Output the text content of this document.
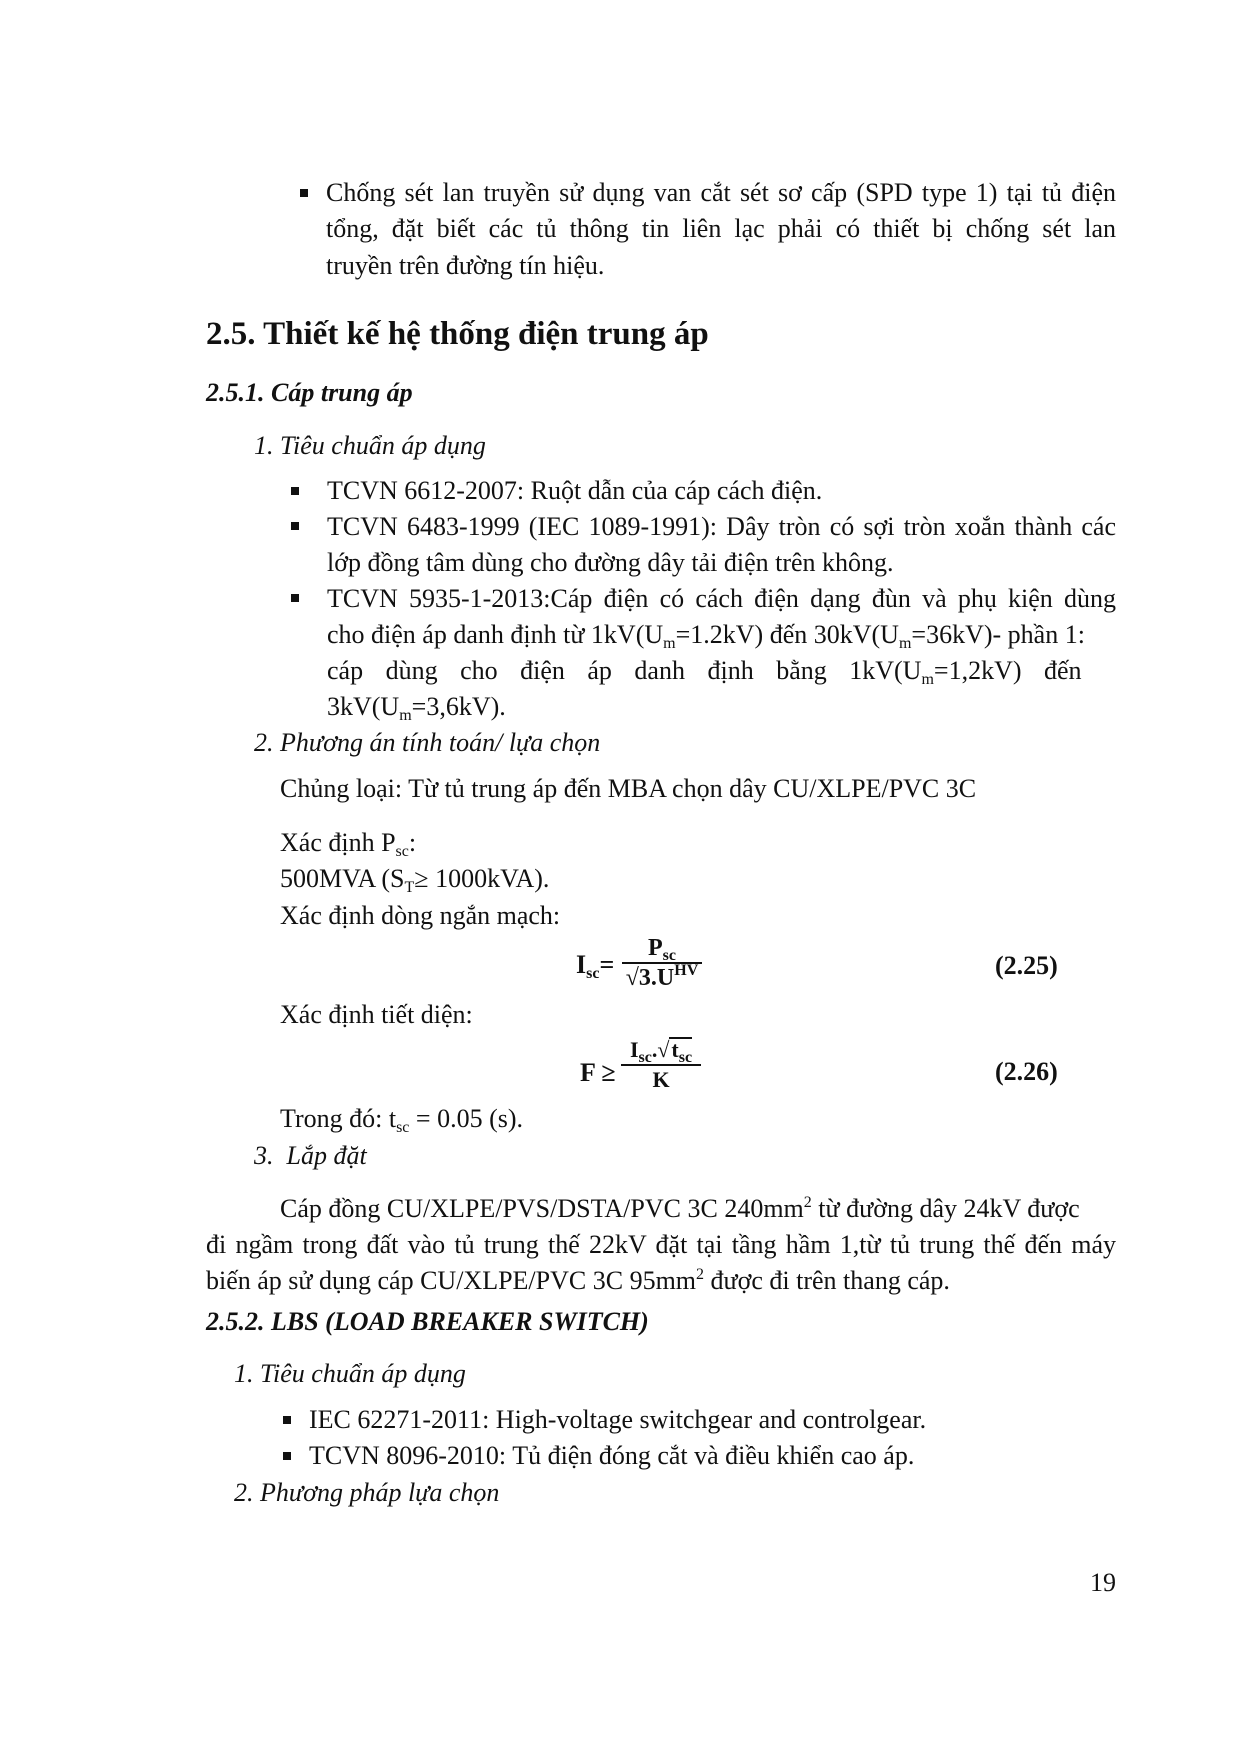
Chống sét lan truyền sử dụng van cắt sét sơ cấp (SPD type 1) tại tủ điện
tổng, đặt biết các tủ thông tin liên lạc phải có thiết bị chống sét lan
truyền trên đường tín hiệu.
2.5. Thiết kế hệ thống điện trung áp
2.5.1. Cáp trung áp
1. Tiêu chuẩn áp dụng
TCVN 6612-2007: Ruột dẫn của cáp cách điện.
TCVN 6483-1999 (IEC 1089-1991): Dây tròn có sợi tròn xoắn thành các
lớp đồng tâm dùng cho đường dây tải điện trên không.
TCVN 5935-1-2013:Cáp điện có cách điện dạng đùn và phụ kiện dùng
cho điện áp danh định từ $1kV(U_m=1.2kV)$ đến $30kV(U_m=36kV)-$ phần 1:
cáp dùng cho điện áp danh định bằng $1kV(U_m=1,2kV)$ đến
$3kV(U_m=3,6kV)$.
2. Phương án tính toán/ lựa chọn
Chủng loại: Từ tủ trung áp đến MBA chọn dây CU/XLPE/PVC 3C
Xác định $P_{sc}$:
500MVA $(S_T\ge 1000kVA)$.
Xác định dòng ngắn mạch:
$I_{sc}=$
$P_{sc}$
$√3.U^{HV}$	(2.25)
Xác định tiết diện:
F ≥
$I_{sc}.√t_{sc}$
K	(2.26)
Trong đó: $t_{sc} = 0.05$ (s).
3.  Lắp đặt
Cáp đồng CU/XLPE/PVS/DSTA/PVC 3C $240mm^2$ từ đường dây 24kV được
đi ngầm trong đất vào tủ trung thế 22kV đặt tại tầng hầm 1,từ tủ trung thế đến máy
biến áp sử dụng cáp CU/XLPE/PVC 3C $95mm^2$ được đi trên thang cáp.
2.5.2. LBS (LOAD BREAKER SWITCH)
1. Tiêu chuẩn áp dụng
IEC 62271-2011: High-voltage switchgear and controlgear.
TCVN 8096-2010: Tủ điện đóng cắt và điều khiển cao áp.
2. Phương pháp lựa chọn
19
